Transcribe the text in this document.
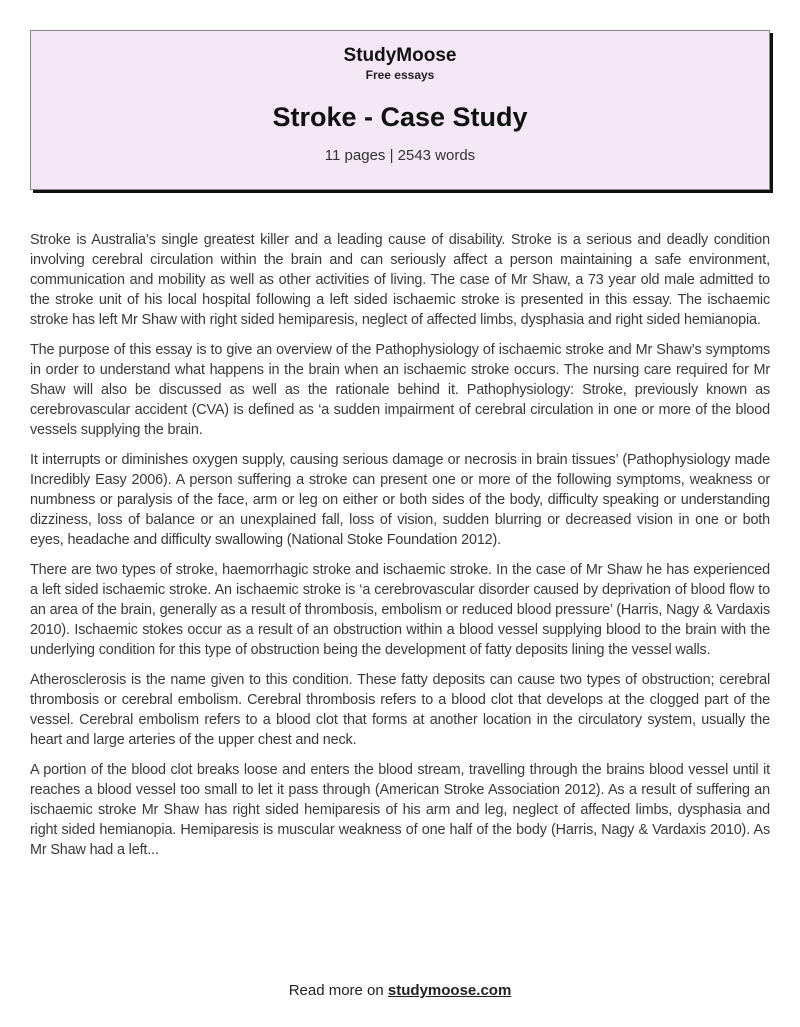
StudyMoose
Free essays
Stroke - Case Study
11 pages | 2543 words

Stroke is Australia’s single greatest killer and a leading cause of disability. Stroke is a serious and deadly condition involving cerebral circulation within the brain and can seriously affect a person maintaining a safe environment, communication and mobility as well as other activities of living. The case of Mr Shaw, a 73 year old male admitted to the stroke unit of his local hospital following a left sided ischaemic stroke is presented in this essay. The ischaemic stroke has left Mr Shaw with right sided hemiparesis, neglect of affected limbs, dysphasia and right sided hemianopia.

The purpose of this essay is to give an overview of the Pathophysiology of ischaemic stroke and Mr Shaw’s symptoms in order to understand what happens in the brain when an ischaemic stroke occurs. The nursing care required for Mr Shaw will also be discussed as well as the rationale behind it. Pathophysiology: Stroke, previously known as cerebrovascular accident (CVA) is defined as ‘a sudden impairment of cerebral circulation in one or more of the blood vessels supplying the brain.

It interrupts or diminishes oxygen supply, causing serious damage or necrosis in brain tissues’ (Pathophysiology made Incredibly Easy 2006). A person suffering a stroke can present one or more of the following symptoms, weakness or numbness or paralysis of the face, arm or leg on either or both sides of the body, difficulty speaking or understanding dizziness, loss of balance or an unexplained fall, loss of vision, sudden blurring or decreased vision in one or both eyes, headache and difficulty swallowing (National Stoke Foundation 2012).

There are two types of stroke, haemorrhagic stroke and ischaemic stroke. In the case of Mr Shaw he has experienced a left sided ischaemic stroke. An ischaemic stroke is ‘a cerebrovascular disorder caused by deprivation of blood flow to an area of the brain, generally as a result of thrombosis, embolism or reduced blood pressure’ (Harris, Nagy & Vardaxis 2010). Ischaemic stokes occur as a result of an obstruction within a blood vessel supplying blood to the brain with the underlying condition for this type of obstruction being the development of fatty deposits lining the vessel walls.

Atherosclerosis is the name given to this condition. These fatty deposits can cause two types of obstruction; cerebral thrombosis or cerebral embolism. Cerebral thrombosis refers to a blood clot that develops at the clogged part of the vessel. Cerebral embolism refers to a blood clot that forms at another location in the circulatory system, usually the heart and large arteries of the upper chest and neck.

A portion of the blood clot breaks loose and enters the blood stream, travelling through the brains blood vessel until it reaches a blood vessel too small to let it pass through (American Stroke Association 2012). As a result of suffering an ischaemic stroke Mr Shaw has right sided hemiparesis of his arm and leg, neglect of affected limbs, dysphasia and right sided hemianopia. Hemiparesis is muscular weakness of one half of the body (Harris, Nagy & Vardaxis 2010). As Mr Shaw had a left...

Read more on studymoose.com
